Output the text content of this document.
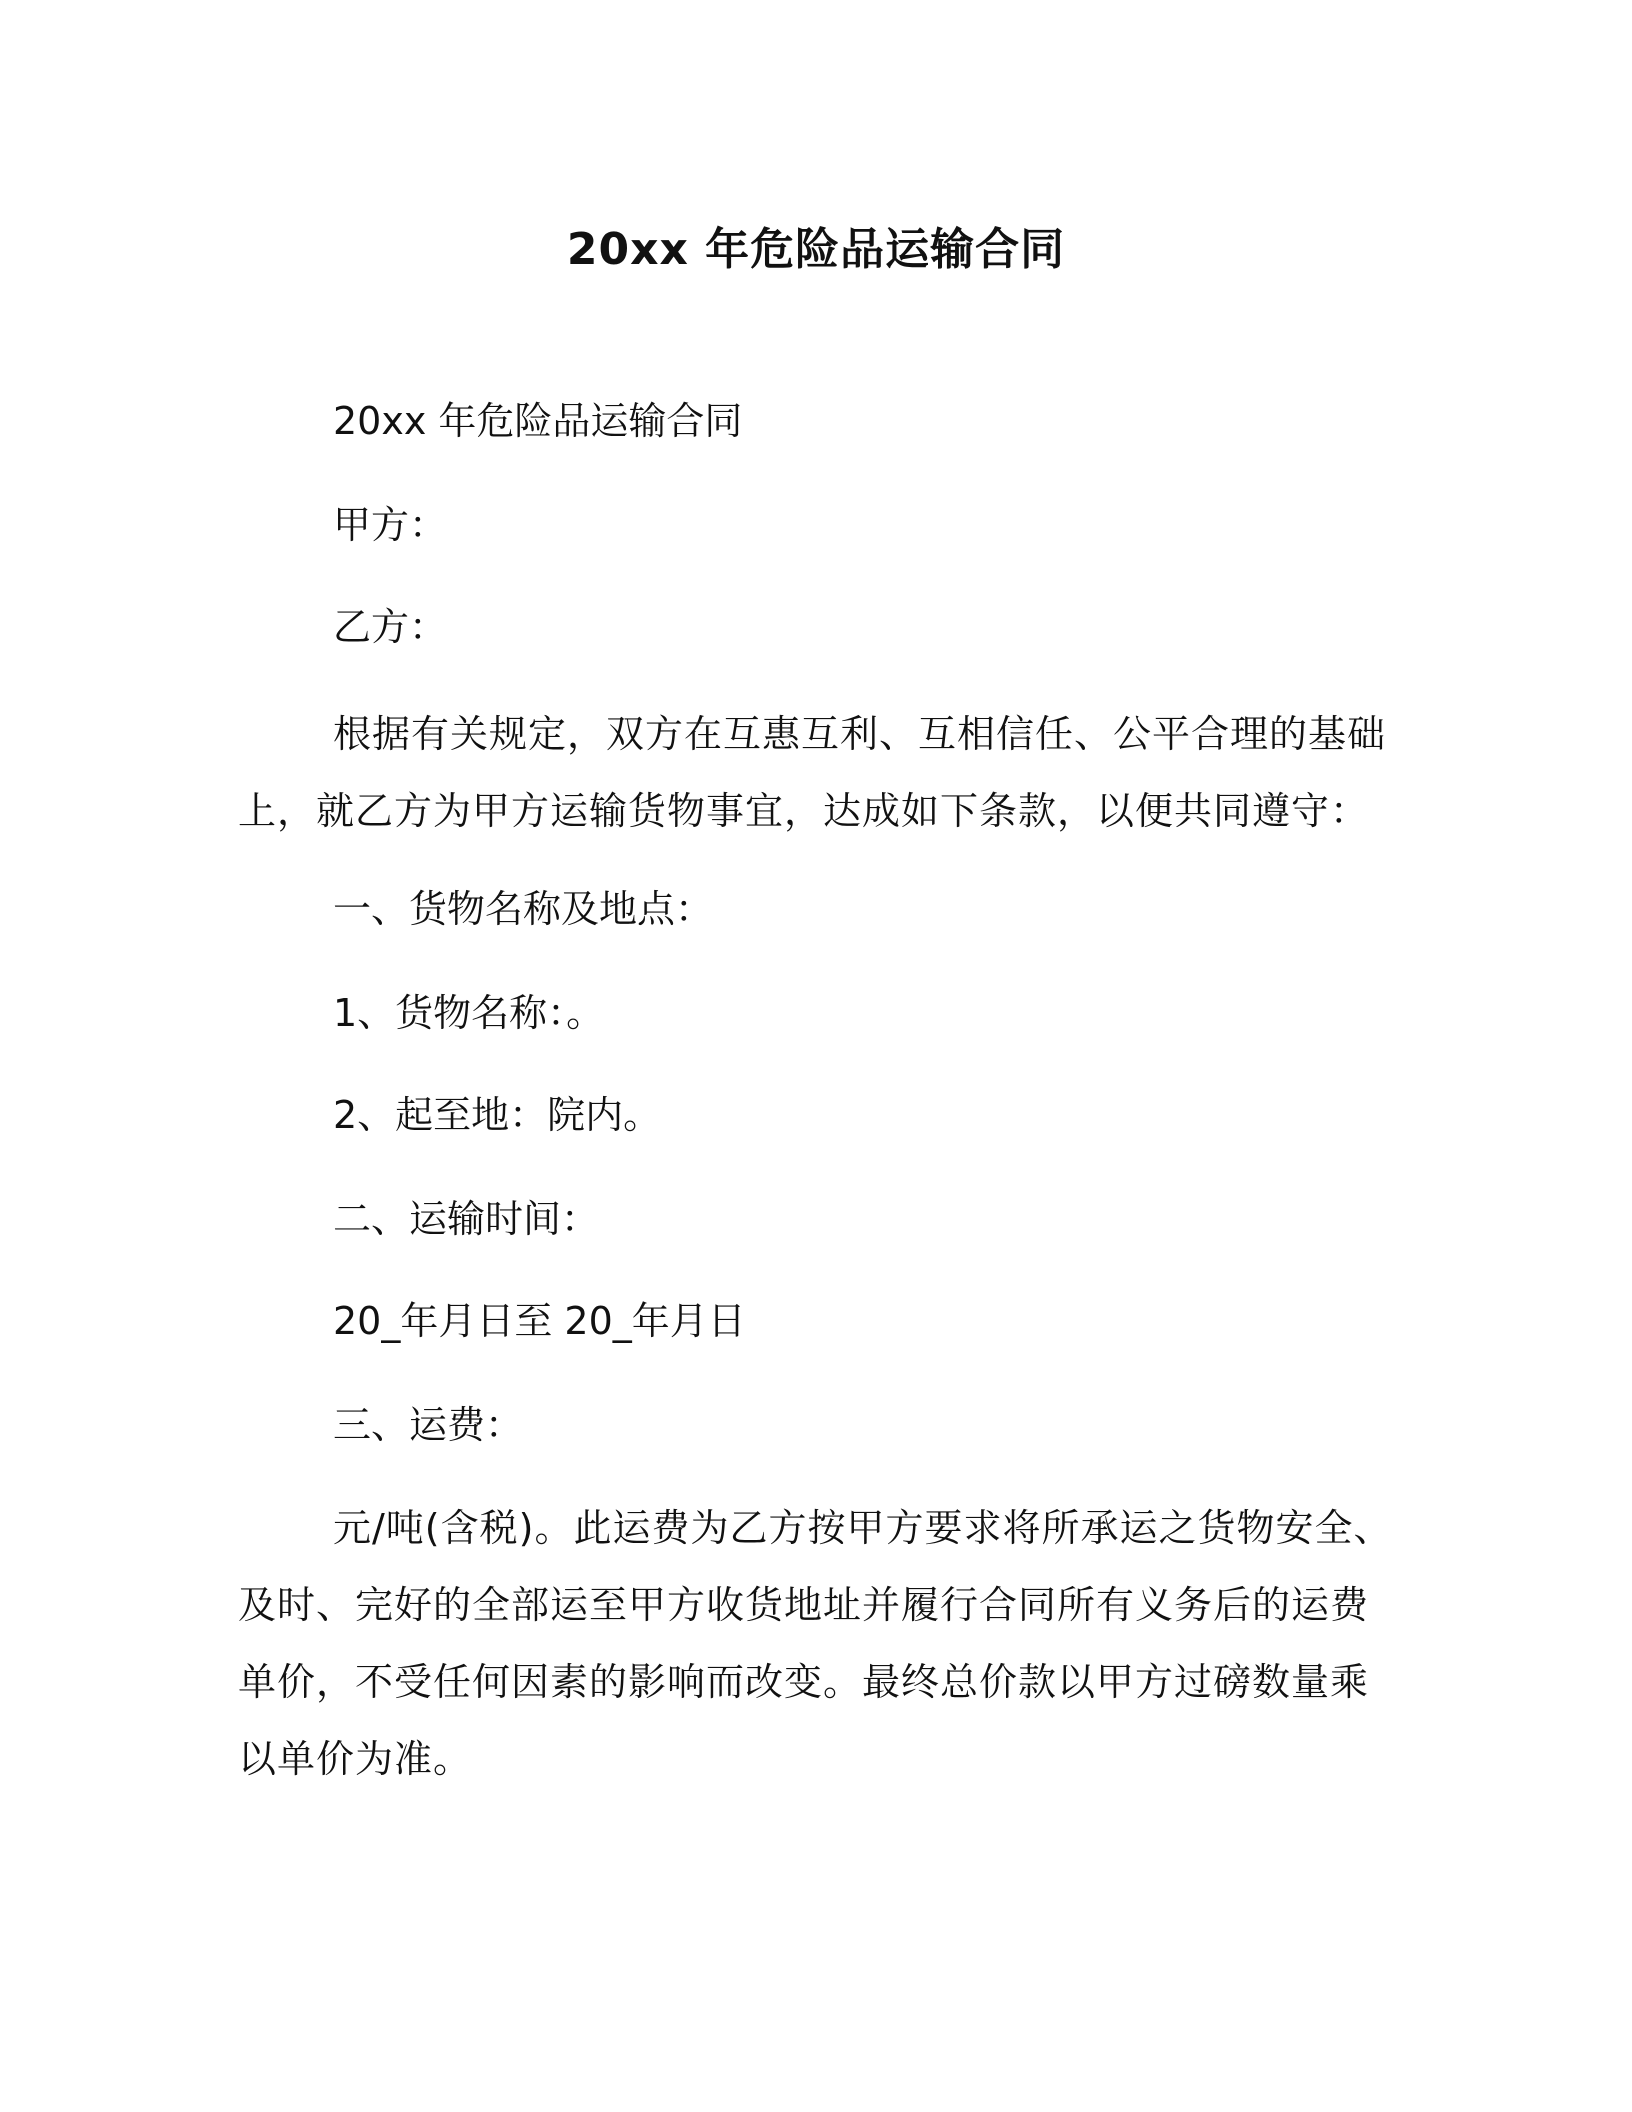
20xx 年危险品运输合同
20xx 年危险品运输合同
甲方：
乙方：
根据有关规定，双方在互惠互利、互相信任、公平合理的基础上，就乙方为甲方运输货物事宜，达成如下条款，以便共同遵守：
一、货物名称及地点：
1、货物名称：。
2、起至地：院内。
二、运输时间：
20_年月日至 20_年月日
三、运费：
元/吨(含税)。此运费为乙方按甲方要求将所承运之货物安全、及时、完好的全部运至甲方收货地址并履行合同所有义务后的运费单价，不受任何因素的影响而改变。最终总价款以甲方过磅数量乘以单价为准。
